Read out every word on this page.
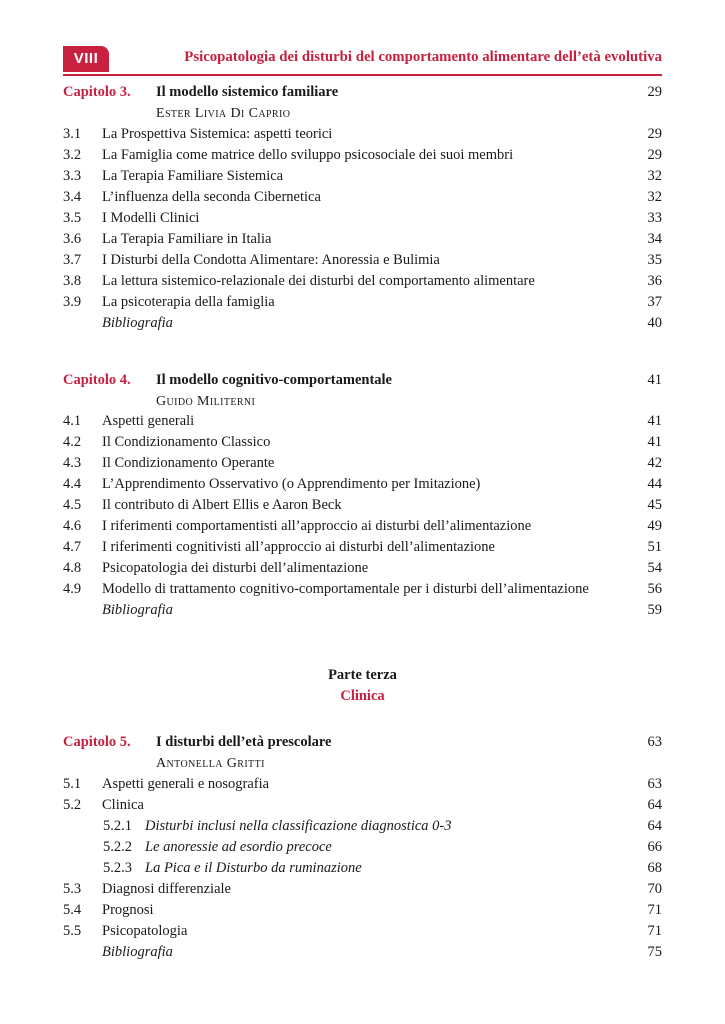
VIII	Psicopatologia dei disturbi del comportamento alimentare dell’età evolutiva
Capitolo 3. Il modello sistemico familiare	29
Ester Livia Di Caprio
3.1 La Prospettiva Sistemica: aspetti teorici	29
3.2 La Famiglia come matrice dello sviluppo psicosociale dei suoi membri	29
3.3 La Terapia Familiare Sistemica	32
3.4 L’influenza della seconda Cibernetica	32
3.5 I Modelli Clinici	33
3.6 La Terapia Familiare in Italia	34
3.7 I Disturbi della Condotta Alimentare: Anoressia e Bulimia	35
3.8 La lettura sistemico-relazionale dei disturbi del comportamento alimentare	36
3.9 La psicoterapia della famiglia	37
Bibliografia	40
Capitolo 4. Il modello cognitivo-comportamentale	41
Guido Militerni
4.1 Aspetti generali	41
4.2 Il Condizionamento Classico	41
4.3 Il Condizionamento Operante	42
4.4 L’Apprendimento Osservativo (o Apprendimento per Imitazione)	44
4.5 Il contributo di Albert Ellis e Aaron Beck	45
4.6 I riferimenti comportamentisti all’approccio ai disturbi dell’alimentazione	49
4.7 I riferimenti cognitivisti all’approccio ai disturbi dell’alimentazione	51
4.8 Psicopatologia dei disturbi dell’alimentazione	54
4.9 Modello di trattamento cognitivo-comportamentale per i disturbi dell’alimentazione	56
Bibliografia	59
Parte terza
Clinica
Capitolo 5. I disturbi dell’età prescolare	63
Antonella Gritti
5.1 Aspetti generali e nosografia	63
5.2 Clinica	64
5.2.1 Disturbi inclusi nella classificazione diagnostica 0-3	64
5.2.2 Le anoressie ad esordio precoce	66
5.2.3 La Pica e il Disturbo da ruminazione	68
5.3 Diagnosi differenziale	70
5.4 Prognosi	71
5.5 Psicopatologia	71
Bibliografia	75
